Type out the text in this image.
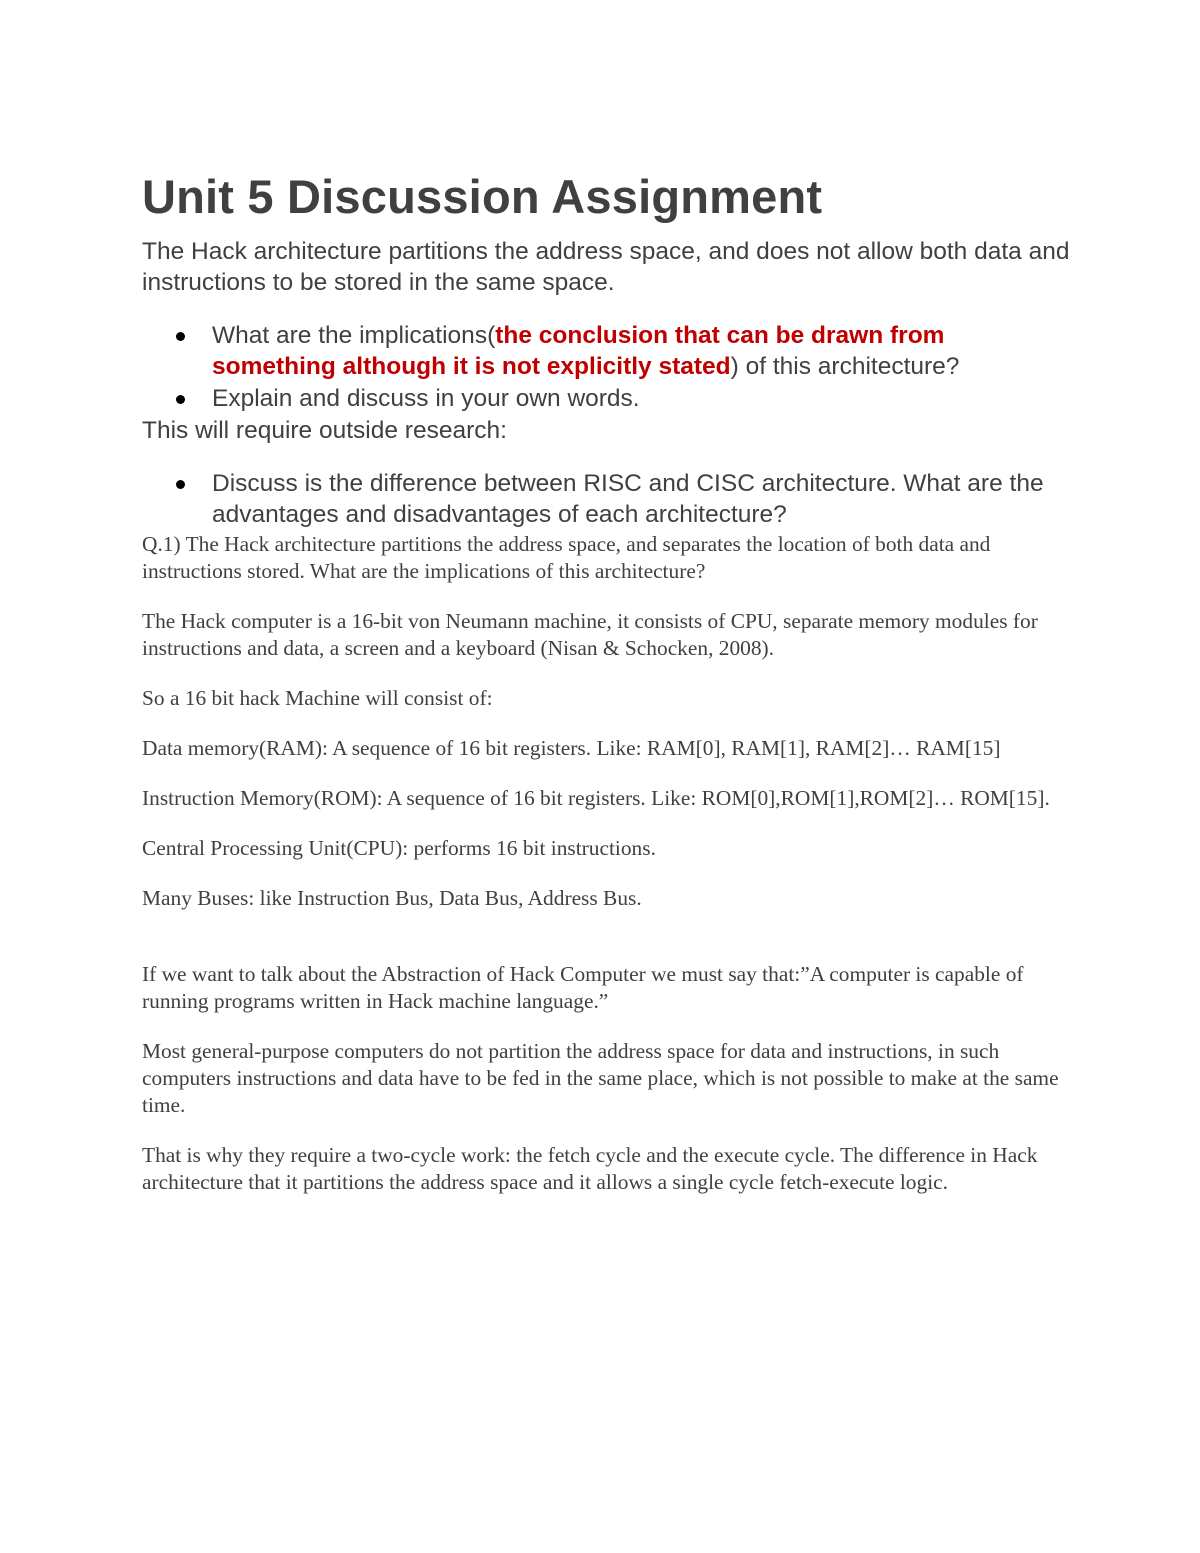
Unit 5 Discussion Assignment

The Hack architecture partitions the address space, and does not allow both data and instructions to be stored in the same space.

What are the implications(the conclusion that can be drawn from something although it is not explicitly stated) of this architecture?
Explain and discuss in your own words.

This will require outside research:

Discuss is the difference between RISC and CISC architecture. What are the advantages and disadvantages of each architecture?

Q.1) The Hack architecture partitions the address space, and separates the location of both data and instructions stored. What are the implications of this architecture?

The Hack computer is a 16-bit von Neumann machine, it consists of CPU, separate memory modules for instructions and data, a screen and a keyboard (Nisan & Schocken, 2008).

So a 16 bit hack Machine will consist of:

Data memory(RAM): A sequence of 16 bit registers. Like: RAM[0], RAM[1], RAM[2]… RAM[15]

Instruction Memory(ROM): A sequence of 16 bit registers. Like: ROM[0],ROM[1],ROM[2]… ROM[15].

Central Processing Unit(CPU): performs 16 bit instructions.

Many Buses: like Instruction Bus, Data Bus, Address Bus.

If we want to talk about the Abstraction of Hack Computer we must say that:”A computer is capable of running programs written in Hack machine language.”

Most general-purpose computers do not partition the address space for data and instructions, in such computers instructions and data have to be fed in the same place, which is not possible to make at the same time.

That is why they require a two-cycle work: the fetch cycle and the execute cycle. The difference in Hack architecture that it partitions the address space and it allows a single cycle fetch-execute logic.
